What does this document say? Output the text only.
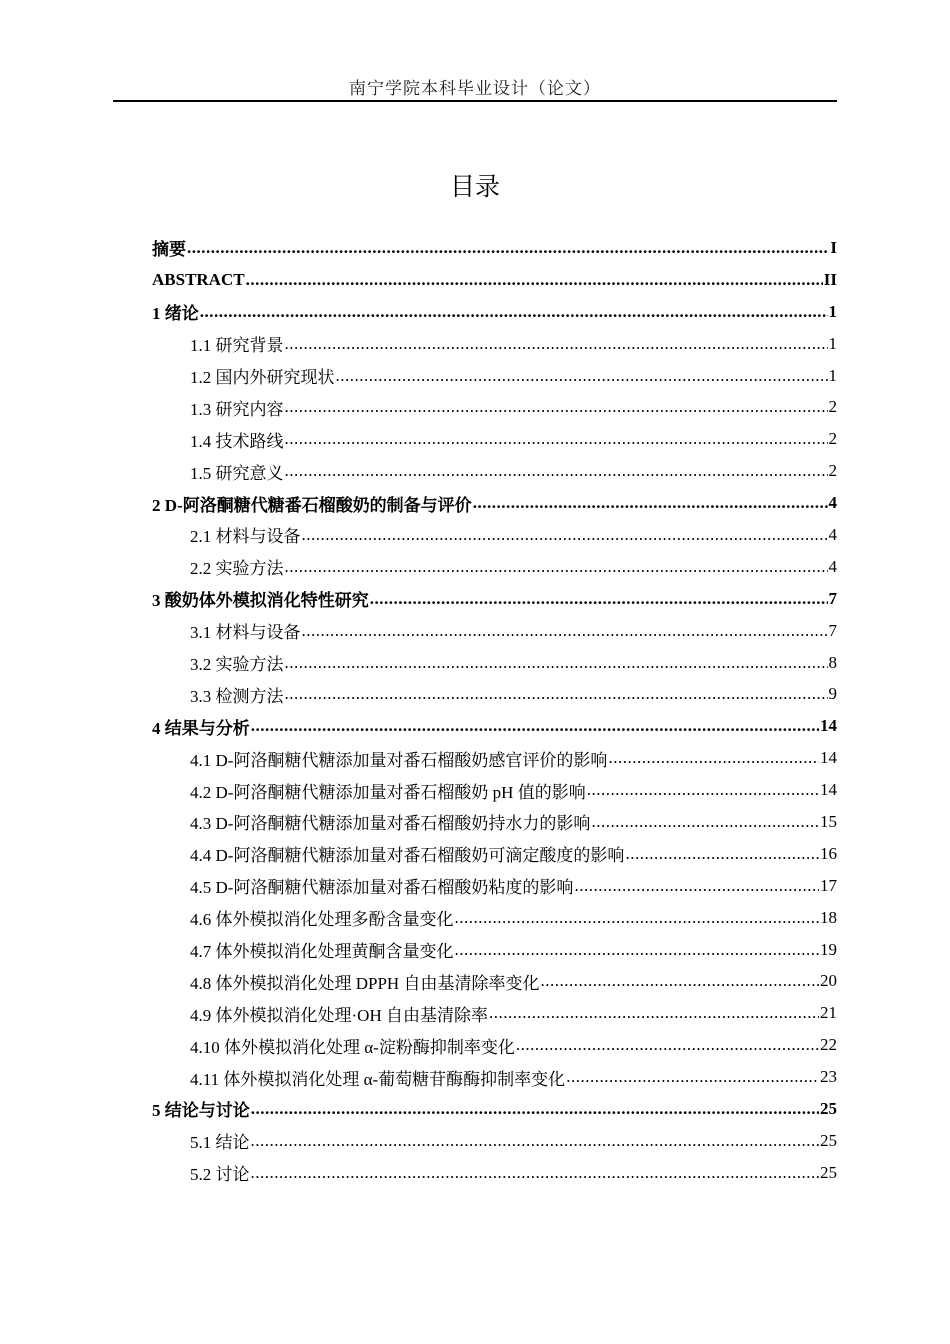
南宁学院本科毕业设计（论文）
目录
摘要 .....	I
ABSTRACT .....	II
1 绪论 .....	1
1.1 研究背景 .....	1
1.2 国内外研究现状 .....	1
1.3 研究内容 .....	2
1.4 技术路线 .....	2
1.5 研究意义 .....	2
2 D-阿洛酮糖代糖番石榴酸奶的制备与评价 .....	4
2.1 材料与设备 .....	4
2.2 实验方法 .....	4
3 酸奶体外模拟消化特性研究 .....	7
3.1 材料与设备 .....	7
3.2 实验方法 .....	8
3.3 检测方法 .....	9
4 结果与分析 .....	14
4.1 D-阿洛酮糖代糖添加量对番石榴酸奶感官评价的影响 .....	14
4.2 D-阿洛酮糖代糖添加量对番石榴酸奶 pH 值的影响 .....	14
4.3 D-阿洛酮糖代糖添加量对番石榴酸奶持水力的影响 .....	15
4.4 D-阿洛酮糖代糖添加量对番石榴酸奶可滴定酸度的影响 .....	16
4.5 D-阿洛酮糖代糖添加量对番石榴酸奶粘度的影响 .....	17
4.6 体外模拟消化处理多酚含量变化 .....	18
4.7 体外模拟消化处理黄酮含量变化 .....	19
4.8 体外模拟消化处理 DPPH 自由基清除率变化 .....	20
4.9 体外模拟消化处理·OH 自由基清除率 .....	21
4.10 体外模拟消化处理 α-淀粉酶抑制率变化 .....	22
4.11 体外模拟消化处理 α-葡萄糖苷酶酶抑制率变化 .....	23
5 结论与讨论 .....	25
5.1 结论 .....	25
5.2 讨论 .....	25
